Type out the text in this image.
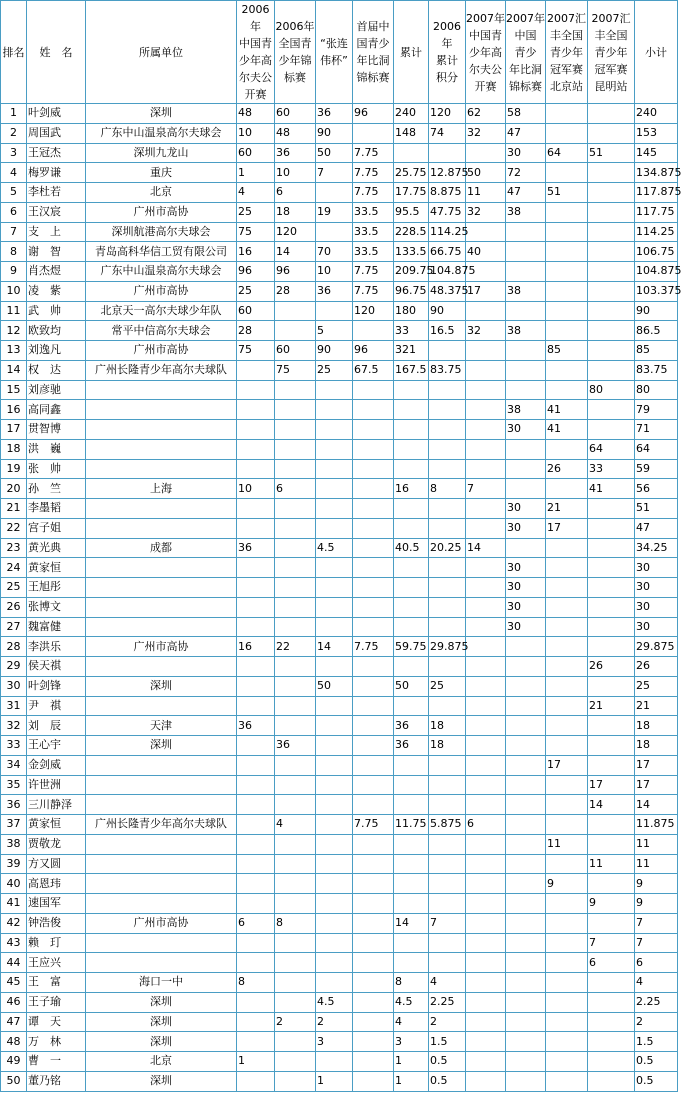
排名	姓　名	所属单位	2006年
中国青
少年高
尔夫公
开赛	2006年
全国青
少年锦
标赛	“张连
伟杯”	首届中
国青少
年比洞
锦标赛	累计	2006年
累计
积分	2007年
中国青
少年高
尔夫公
开赛	2007年
中国
青少
年比洞
锦标赛	2007汇
丰全国
青少年
冠军赛
北京站	2007汇
丰全国
青少年
冠军赛
昆明站	小计
1	叶剑威	深圳	48	60	36	96	240	120	62	58			240
2	周国武	广东中山温泉高尔夫球会	10	48	90		148	74	32	47			153
3	王冠杰	深圳九龙山	60	36	50	7.75				30	64	51	145
4	梅罗谦	重庆	1	10	7	7.75	25.75	12.875	50	72			134.875
5	李杜若	北京	4	6		7.75	17.75	8.875	11	47	51		117.875
6	王汉宸	广州市高协	25	18	19	33.5	95.5	47.75	32	38			117.75
7	支　上	深圳航港高尔夫球会	75	120		33.5	228.5	114.25					114.25
8	谢　智	青岛高科华信工贸有限公司	16	14	70	33.5	133.5	66.75	40				106.75
9	肖杰煜	广东中山温泉高尔夫球会	96	96	10	7.75	209.75	104.875					104.875
10	凌　紫	广州市高协	25	28	36	7.75	96.75	48.375	17	38			103.375
11	武　帅	北京天一高尔夫球少年队	60			120	180	90					90
12	欧致均	常平中信高尔夫球会	28		5		33	16.5	32	38			86.5
13	刘逸凡	广州市高协	75	60	90	96	321				85		85
14	权　达	广州长隆青少年高尔夫球队		75	25	67.5	167.5	83.75					83.75
15	刘彦驰											80	80
16	高同鑫									38	41		79
17	贯智博									30	41		71
18	洪　巍											64	64
19	张　帅										26	33	59
20	孙　竺	上海	10	6			16	8	7			41	56
21	李墨韬									30	21		51
22	宫子姐									30	17		47
23	黄光典	成都	36		4.5		40.5	20.25	14				34.25
24	黄家恒									30			30
25	王旭彤									30			30
26	张博文									30			30
27	魏富健									30			30
28	李洪乐	广州市高协	16	22	14	7.75	59.75	29.875					29.875
29	侯天祺											26	26
30	叶剑锋	深圳			50		50	25					25
31	尹　祺											21	21
32	刘　辰	天津	36				36	18					18
33	王心宇	深圳		36			36	18					18
34	金剑威										17		17
35	许世洲											17	17
36	三川静泽											14	14
37	黄家恒	广州长隆青少年高尔夫球队		4		7.75	11.75	5.875	6				11.875
38	贾敬龙										11		11
39	方又圆											11	11
40	高恩玮										9		9
41	速国军											9	9
42	钟浩俊	广州市高协	6	8			14	7					7
43	赖　玎											7	7
44	王应兴											6	6
45	王　富	海口一中	8				8	4					4
46	王子瑜	深圳			4.5		4.5	2.25					2.25
47	谭　天	深圳		2	2		4	2					2
48	万　林	深圳			3		3	1.5					1.5
49	曹　一	北京	1				1	0.5					0.5
50	董乃铭	深圳			1		1	0.5					0.5
